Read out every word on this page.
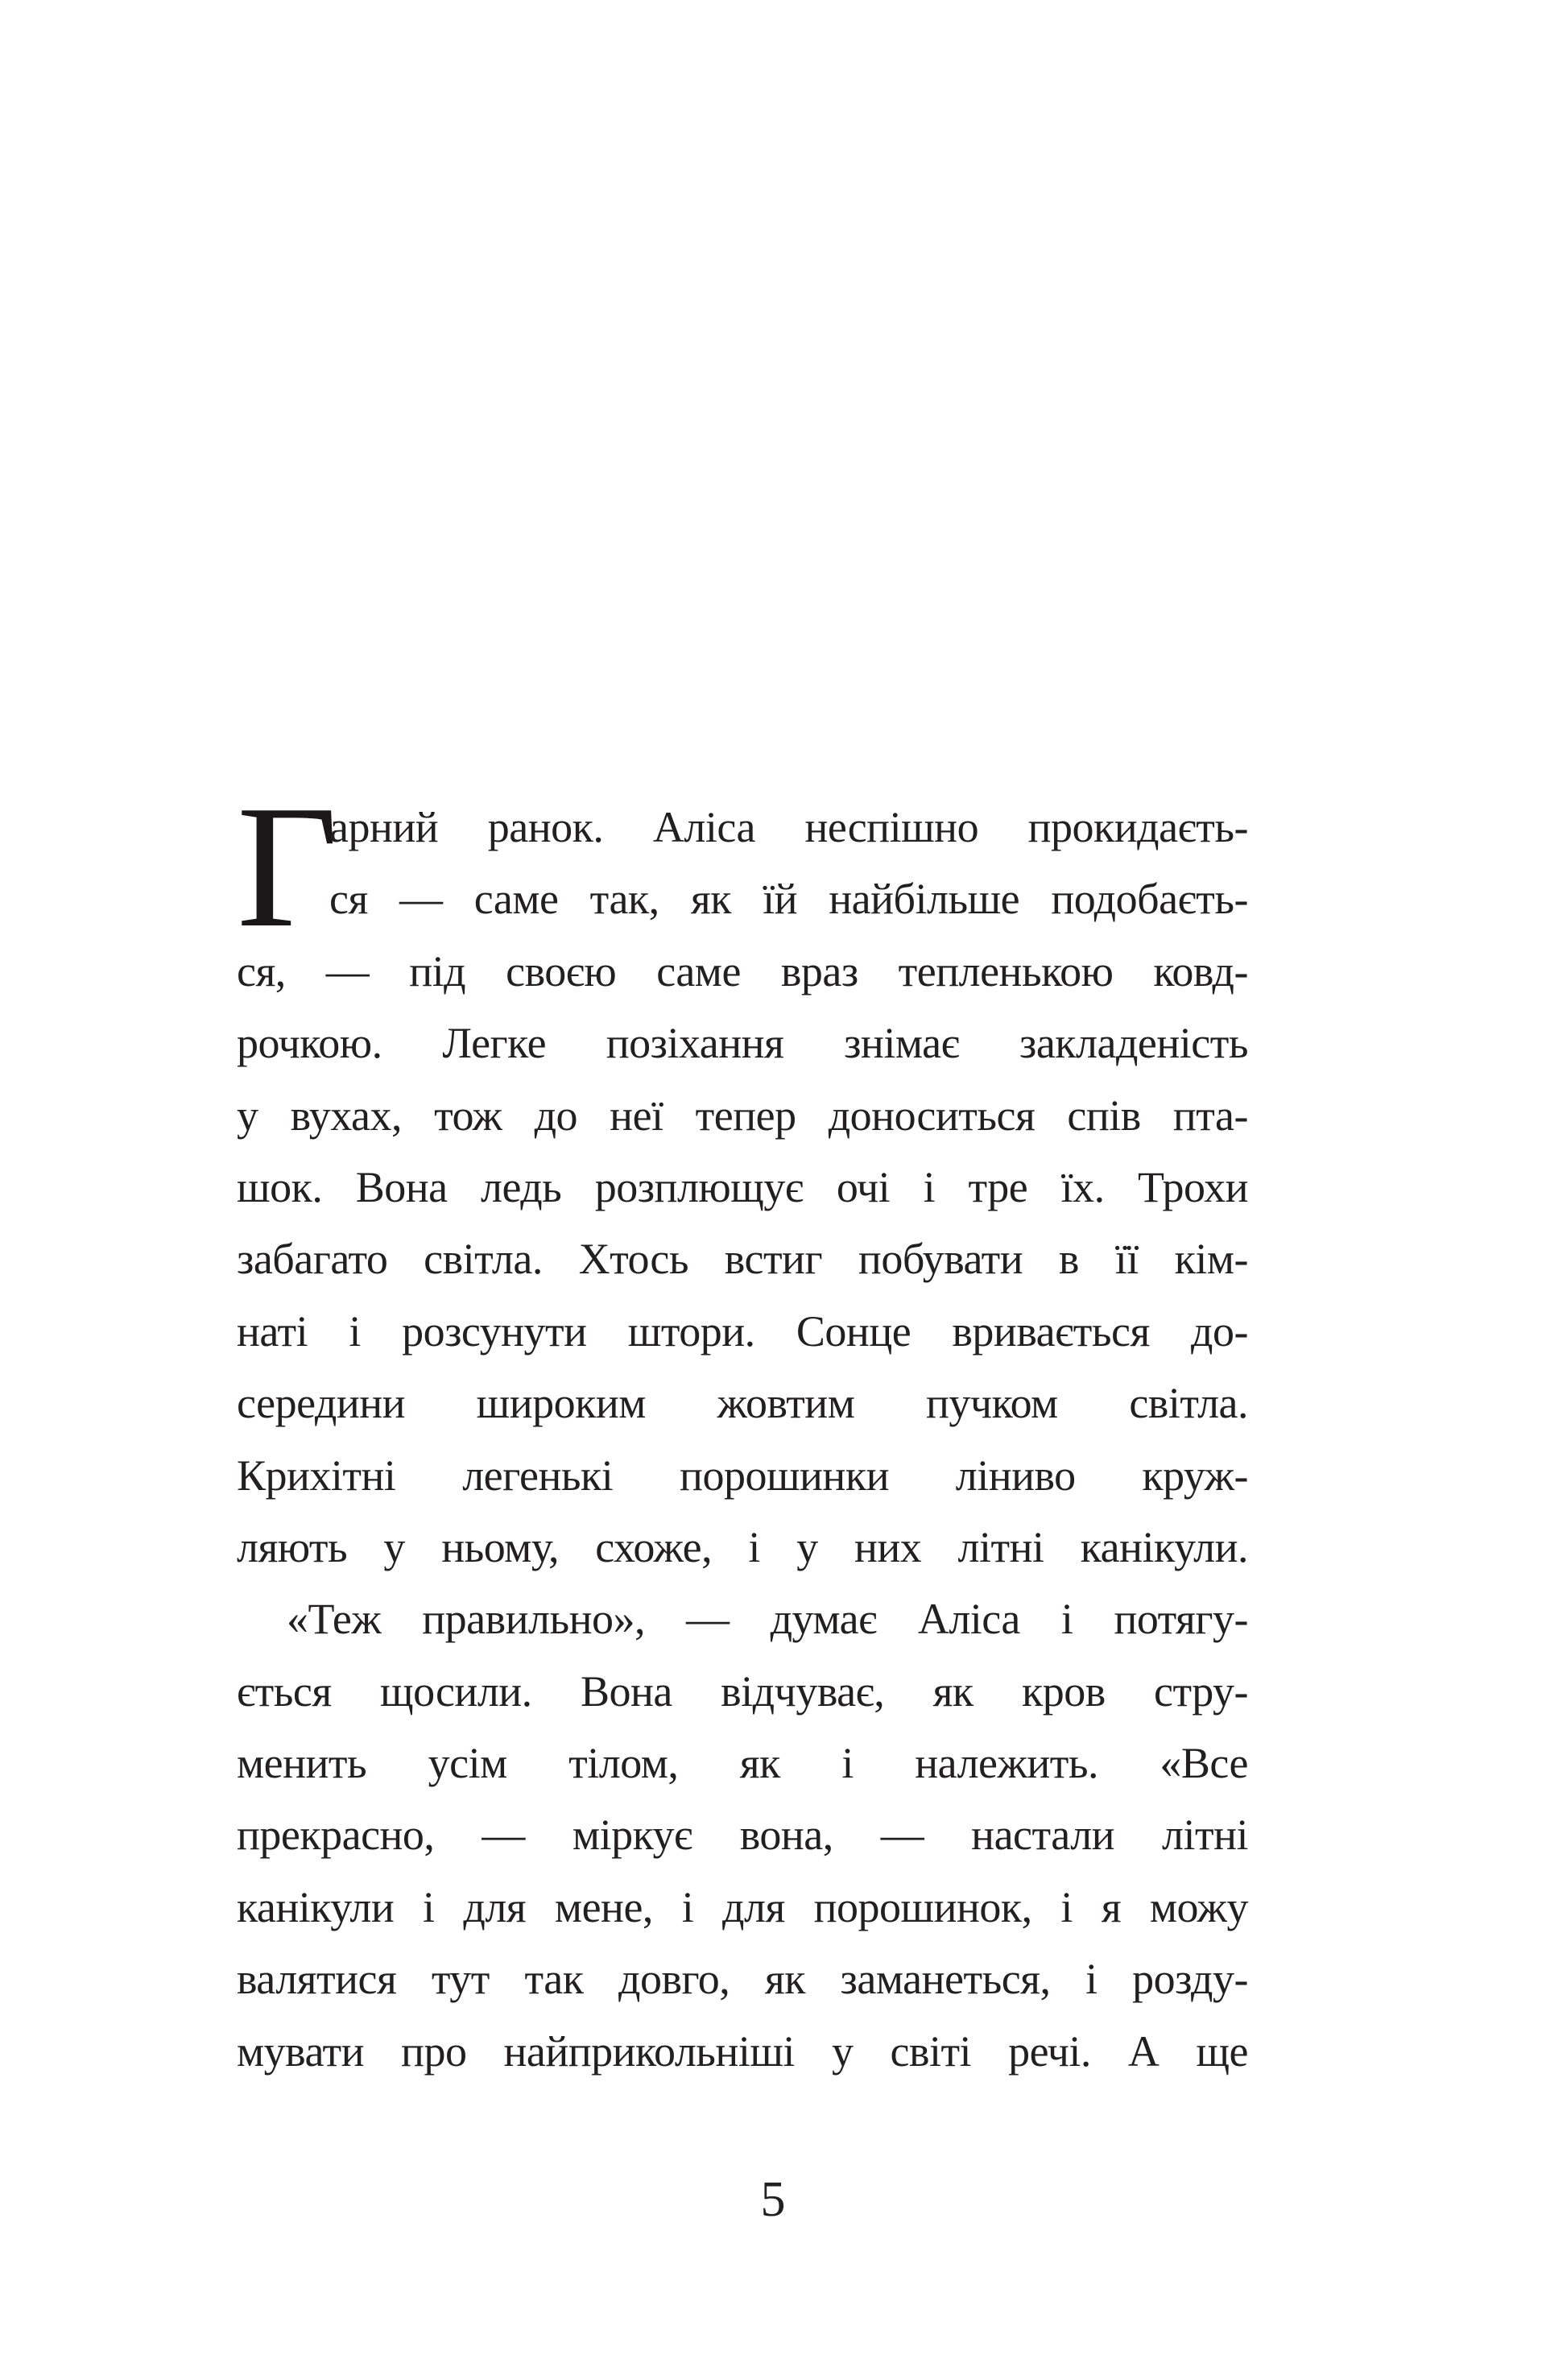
Г
арний ранок. Аліса неспішно прокидаєть-
ся — саме так, як їй найбільше подобаєть-
ся, — під своєю саме враз тепленькою ковд-
рочкою. Легке позіхання знімає закладеність
у вухах, тож до неї тепер доноситься спів пта-
шок. Вона ледь розплющує очі і тре їх. Трохи
забагато світла. Хтось встиг побувати в її кім-
наті і розсунути штори. Сонце вривається до-
середини широким жовтим пучком світла.
Крихітні легенькі порошинки ліниво круж-
ляють у ньому, схоже, і у них літні канікули.
«Теж правильно», — думає Аліса і потягу-
ється щосили. Вона відчуває, як кров стру-
менить усім тілом, як і належить. «Все
прекрасно, — міркує вона, — настали літні
канікули і для мене, і для порошинок, і я можу
валятися тут так довго, як заманеться, і розду-
мувати про найприкольніші у світі речі. А ще
5
